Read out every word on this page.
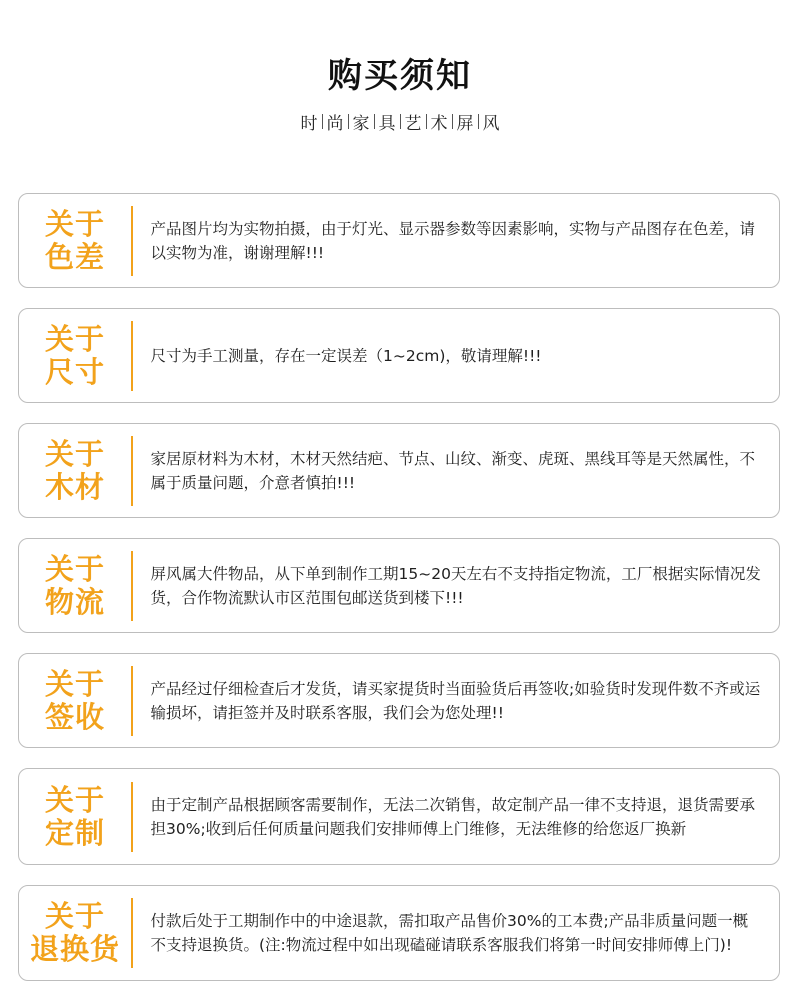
购买须知
时 尚 家 具 艺 术 屏 风
关于
色差
产品图片均为实物拍摄，由于灯光、显示器参数等因素影响，实物与产品图存在色差，请以实物为准，谢谢理解!!!
关于
尺寸	尺寸为手工测量，存在一定误差（1~2cm)，敬请理解!!!
关于
木材
家居原材料为木材，木材天然结疤、节点、山纹、渐变、虎斑、黑线耳等是天然属性，不属于质量问题，介意者慎拍!!!
关于
物流
屏风属大件物品，从下单到制作工期15~20天左右不支持指定物流，工厂根据实际情况发货，合作物流默认市区范围包邮送货到楼下!!!
关于
签收
产品经过仔细检查后才发货，请买家提货时当面验货后再签收;如验货时发现件数不齐或运输损坏，请拒签并及时联系客服，我们会为您处理!!
关于
定制
由于定制产品根据顾客需要制作，无法二次销售，故定制产品一律不支持退，退货需要承担30%;收到后任何质量问题我们安排师傅上门维修，无法维修的给您返厂换新
关于
退换货
付款后处于工期制作中的中途退款，需扣取产品售价30%的工本费;产品非质量问题一概不支持退换货。(注:物流过程中如出现磕碰请联系客服我们将第一时间安排师傅上门)!
